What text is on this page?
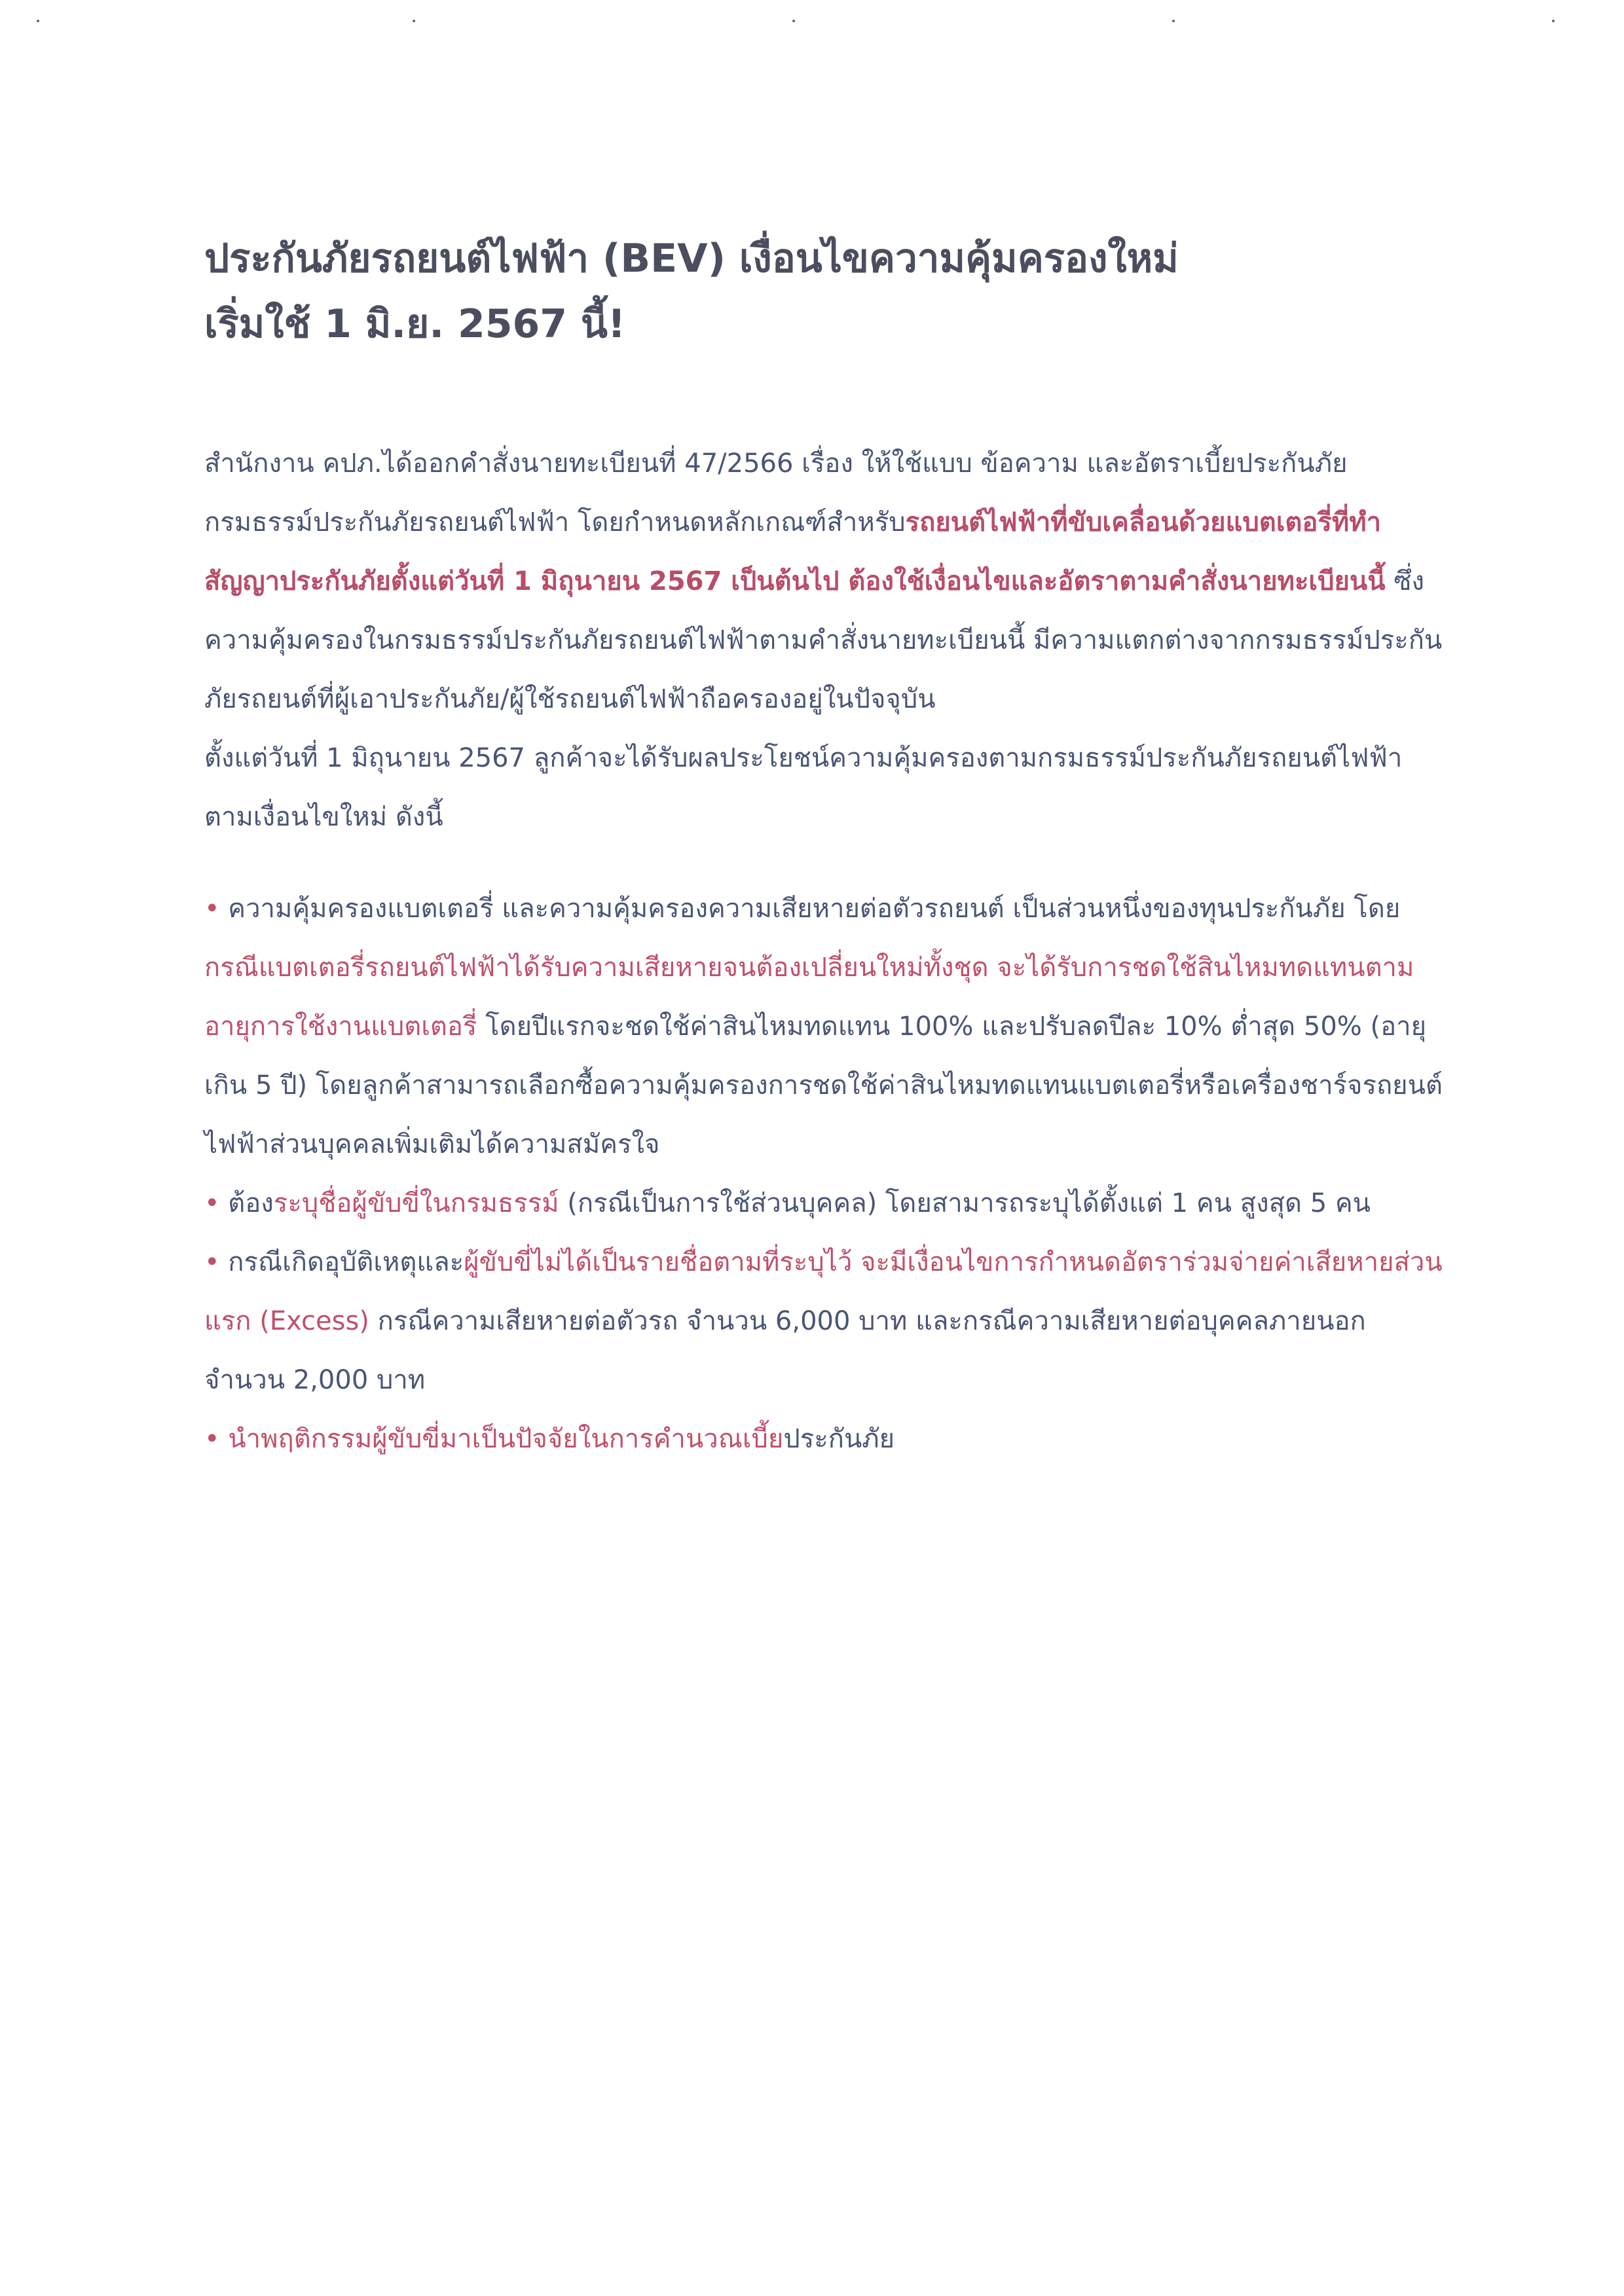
ประกันภัยรถยนต์ไฟฟ้า (BEV) เงื่อนไขความคุ้มครองใหม่
เริ่มใช้ 1 มิ.ย. 2567 นี้!

สำนักงาน คปภ.ได้ออกคำสั่งนายทะเบียนที่ 47/2566 เรื่อง ให้ใช้แบบ ข้อความ และอัตราเบี้ยประกันภัย กรมธรรม์ประกันภัยรถยนต์ไฟฟ้า โดยกำหนดหลักเกณฑ์สำหรับรถยนต์ไฟฟ้าที่ขับเคลื่อนด้วยแบตเตอรี่ที่ทำสัญญาประกันภัยตั้งแต่วันที่ 1 มิถุนายน 2567 เป็นต้นไป ต้องใช้เงื่อนไขและอัตราตามคำสั่งนายทะเบียนนี้ ซึ่งความคุ้มครองในกรมธรรม์ประกันภัยรถยนต์ไฟฟ้าตามคำสั่งนายทะเบียนนี้ มีความแตกต่างจากกรมธรรม์ประกันภัยรถยนต์ที่ผู้เอาประกันภัย/ผู้ใช้รถยนต์ไฟฟ้าถือครองอยู่ในปัจจุบัน

ตั้งแต่วันที่ 1 มิถุนายน 2567 ลูกค้าจะได้รับผลประโยชน์ความคุ้มครองตามกรมธรรม์ประกันภัยรถยนต์ไฟฟ้า ตามเงื่อนไขใหม่ ดังนี้

• ความคุ้มครองแบตเตอรี่ และความคุ้มครองความเสียหายต่อตัวรถยนต์ เป็นส่วนหนึ่งของทุนประกันภัย โดยกรณีแบตเตอรี่รถยนต์ไฟฟ้าได้รับความเสียหายจนต้องเปลี่ยนใหม่ทั้งชุด จะได้รับการชดใช้สินไหมทดแทนตามอายุการใช้งานแบตเตอรี่ โดยปีแรกจะชดใช้ค่าสินไหมทดแทน 100% และปรับลดปีละ 10% ต่ำสุด 50% (อายุเกิน 5 ปี) โดยลูกค้าสามารถเลือกซื้อความคุ้มครองการชดใช้ค่าสินไหมทดแทนแบตเตอรี่หรือเครื่องชาร์จรถยนต์ไฟฟ้าส่วนบุคคลเพิ่มเติมได้ความสมัครใจ

• ต้องระบุชื่อผู้ขับขี่ในกรมธรรม์ (กรณีเป็นการใช้ส่วนบุคคล) โดยสามารถระบุได้ตั้งแต่ 1 คน สูงสุด 5 คน

• กรณีเกิดอุบัติเหตุและผู้ขับขี่ไม่ได้เป็นรายชื่อตามที่ระบุไว้ จะมีเงื่อนไขการกำหนดอัตราร่วมจ่ายค่าเสียหายส่วนแรก (Excess) กรณีความเสียหายต่อตัวรถ จำนวน 6,000 บาท และกรณีความเสียหายต่อบุคคลภายนอก จำนวน 2,000 บาท

• นำพฤติกรรมผู้ขับขี่มาเป็นปัจจัยในการคำนวณเบี้ยประกันภัย
